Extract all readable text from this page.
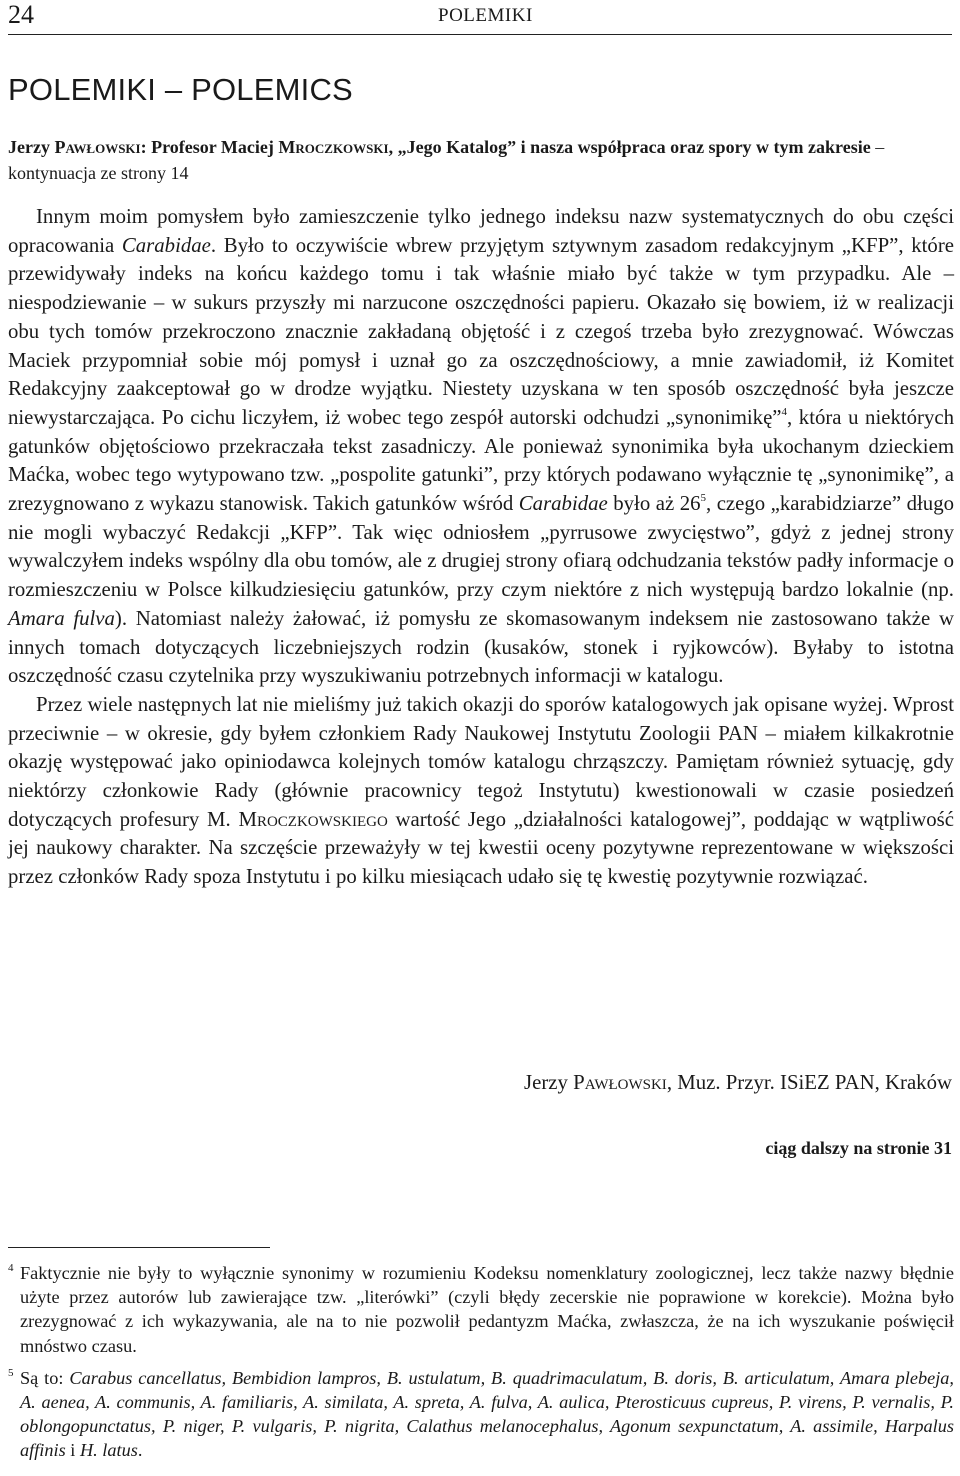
24	POLEMIKI
POLEMIKI – POLEMICS
Jerzy Pawłowski: Profesor Maciej Mroczkowski, „Jego Katalog” i nasza współpraca oraz spory w tym zakresie – kontynuacja ze strony 14

Innym moim pomysłem było zamieszczenie tylko jednego indeksu nazw systematycznych do obu części opracowania Carabidae. Było to oczywiście wbrew przyjętym sztywnym zasadom redakcyjnym „KFP”, które przewidywały indeks na końcu każdego tomu i tak właśnie miało być także w tym przypadku. Ale – niespodziewanie – w sukurs przyszły mi narzucone oszczędności papieru. Okazało się bowiem, iż w realizacji obu tych tomów przekroczono znacznie zakładaną objętość i z czegoś trzeba było zrezygnować. Wówczas Maciek przypomniał sobie mój pomysł i uznał go za oszczędnościowy, a mnie zawiadomił, iż Komitet Redakcyjny zaakceptował go w drodze wyjątku. Niestety uzyskana w ten sposób oszczędność była jeszcze niewystarczająca. Po cichu liczyłem, iż wobec tego zespół autorski odchudzi „synonimikę”$^4$, która u niektórych gatunków objętościowo przekraczała tekst zasadniczy. Ale ponieważ synonimika była ukochanym dzieckiem Maćka, wobec tego wytypowano tzw. „pospolite gatunki”, przy których podawano wyłącznie tę „synonimikę”, a zrezygnowano z wykazu stanowisk. Takich gatunków wśród Carabidae było aż $26^5$, czego „karabidziarze” długo nie mogli wybaczyć Redakcji „KFP”. Tak więc odniosłem „pyrrusowe zwycięstwo”, gdyż z jednej strony wywalczyłem indeks wspólny dla obu tomów, ale z drugiej strony ofiarą odchudzania tekstów padły informacje o rozmieszczeniu w Polsce kilkudziesięciu gatunków, przy czym niektóre z nich występują bardzo lokalnie (np. Amara fulva). Natomiast należy żałować, iż pomysłu ze skomasowanym indeksem nie zastosowano także w innych tomach dotyczących liczebniejszych rodzin (kusaków, stonek i ryjkowców). Byłaby to istotna oszczędność czasu czytelnika przy wyszukiwaniu potrzebnych informacji w katalogu.

Przez wiele następnych lat nie mieliśmy już takich okazji do sporów katalogowych jak opisane wyżej. Wprost przeciwnie – w okresie, gdy byłem członkiem Rady Naukowej Instytutu Zoologii PAN – miałem kilkakrotnie okazję występować jako opiniodawca kolejnych tomów katalogu chrząszczy. Pamiętam również sytuację, gdy niektórzy członkowie Rady (głównie pracownicy tegoż Instytutu) kwestionowali w czasie posiedzeń dotyczących profesury M. Mroczkowskiego wartość Jego „działalności katalogowej”, poddając w wątpliwość jej naukowy charakter. Na szczęście przeważyły w tej kwestii oceny pozytywne reprezentowane w większości przez członków Rady spoza Instytutu i po kilku miesiącach udało się tę kwestię pozytywnie rozwiązać.

Jerzy Pawłowski, Muz. Przyr. ISiEZ PAN, Kraków
ciąg dalszy na stronie 31

4 Faktycznie nie były to wyłącznie synonimy w rozumieniu Kodeksu nomenklatury zoologicznej, lecz także nazwy błędnie użyte przez autorów lub zawierające tzw. „literówki” (czyli błędy zecerskie nie poprawione w korekcie). Można było zrezygnować z ich wykazywania, ale na to nie pozwolił pedantyzm Maćka, zwłaszcza, że na ich wyszukanie poświęcił mnóstwo czasu.

5 Są to: Carabus cancellatus, Bembidion lampros, B. ustulatum, B. quadrimaculatum, B. doris, B. articulatum, Amara plebeja, A. aenea, A. communis, A. familiaris, A. similata, A. spreta, A. fulva, A. aulica, Pterosticuus cupreus, P. virens, P. vernalis, P. oblongopunctatus, P. niger, P. vulgaris, P. nigrita, Calathus melanocephalus, Agonum sexpunctatum, A. assimile, Harpalus affinis i H. latus.
